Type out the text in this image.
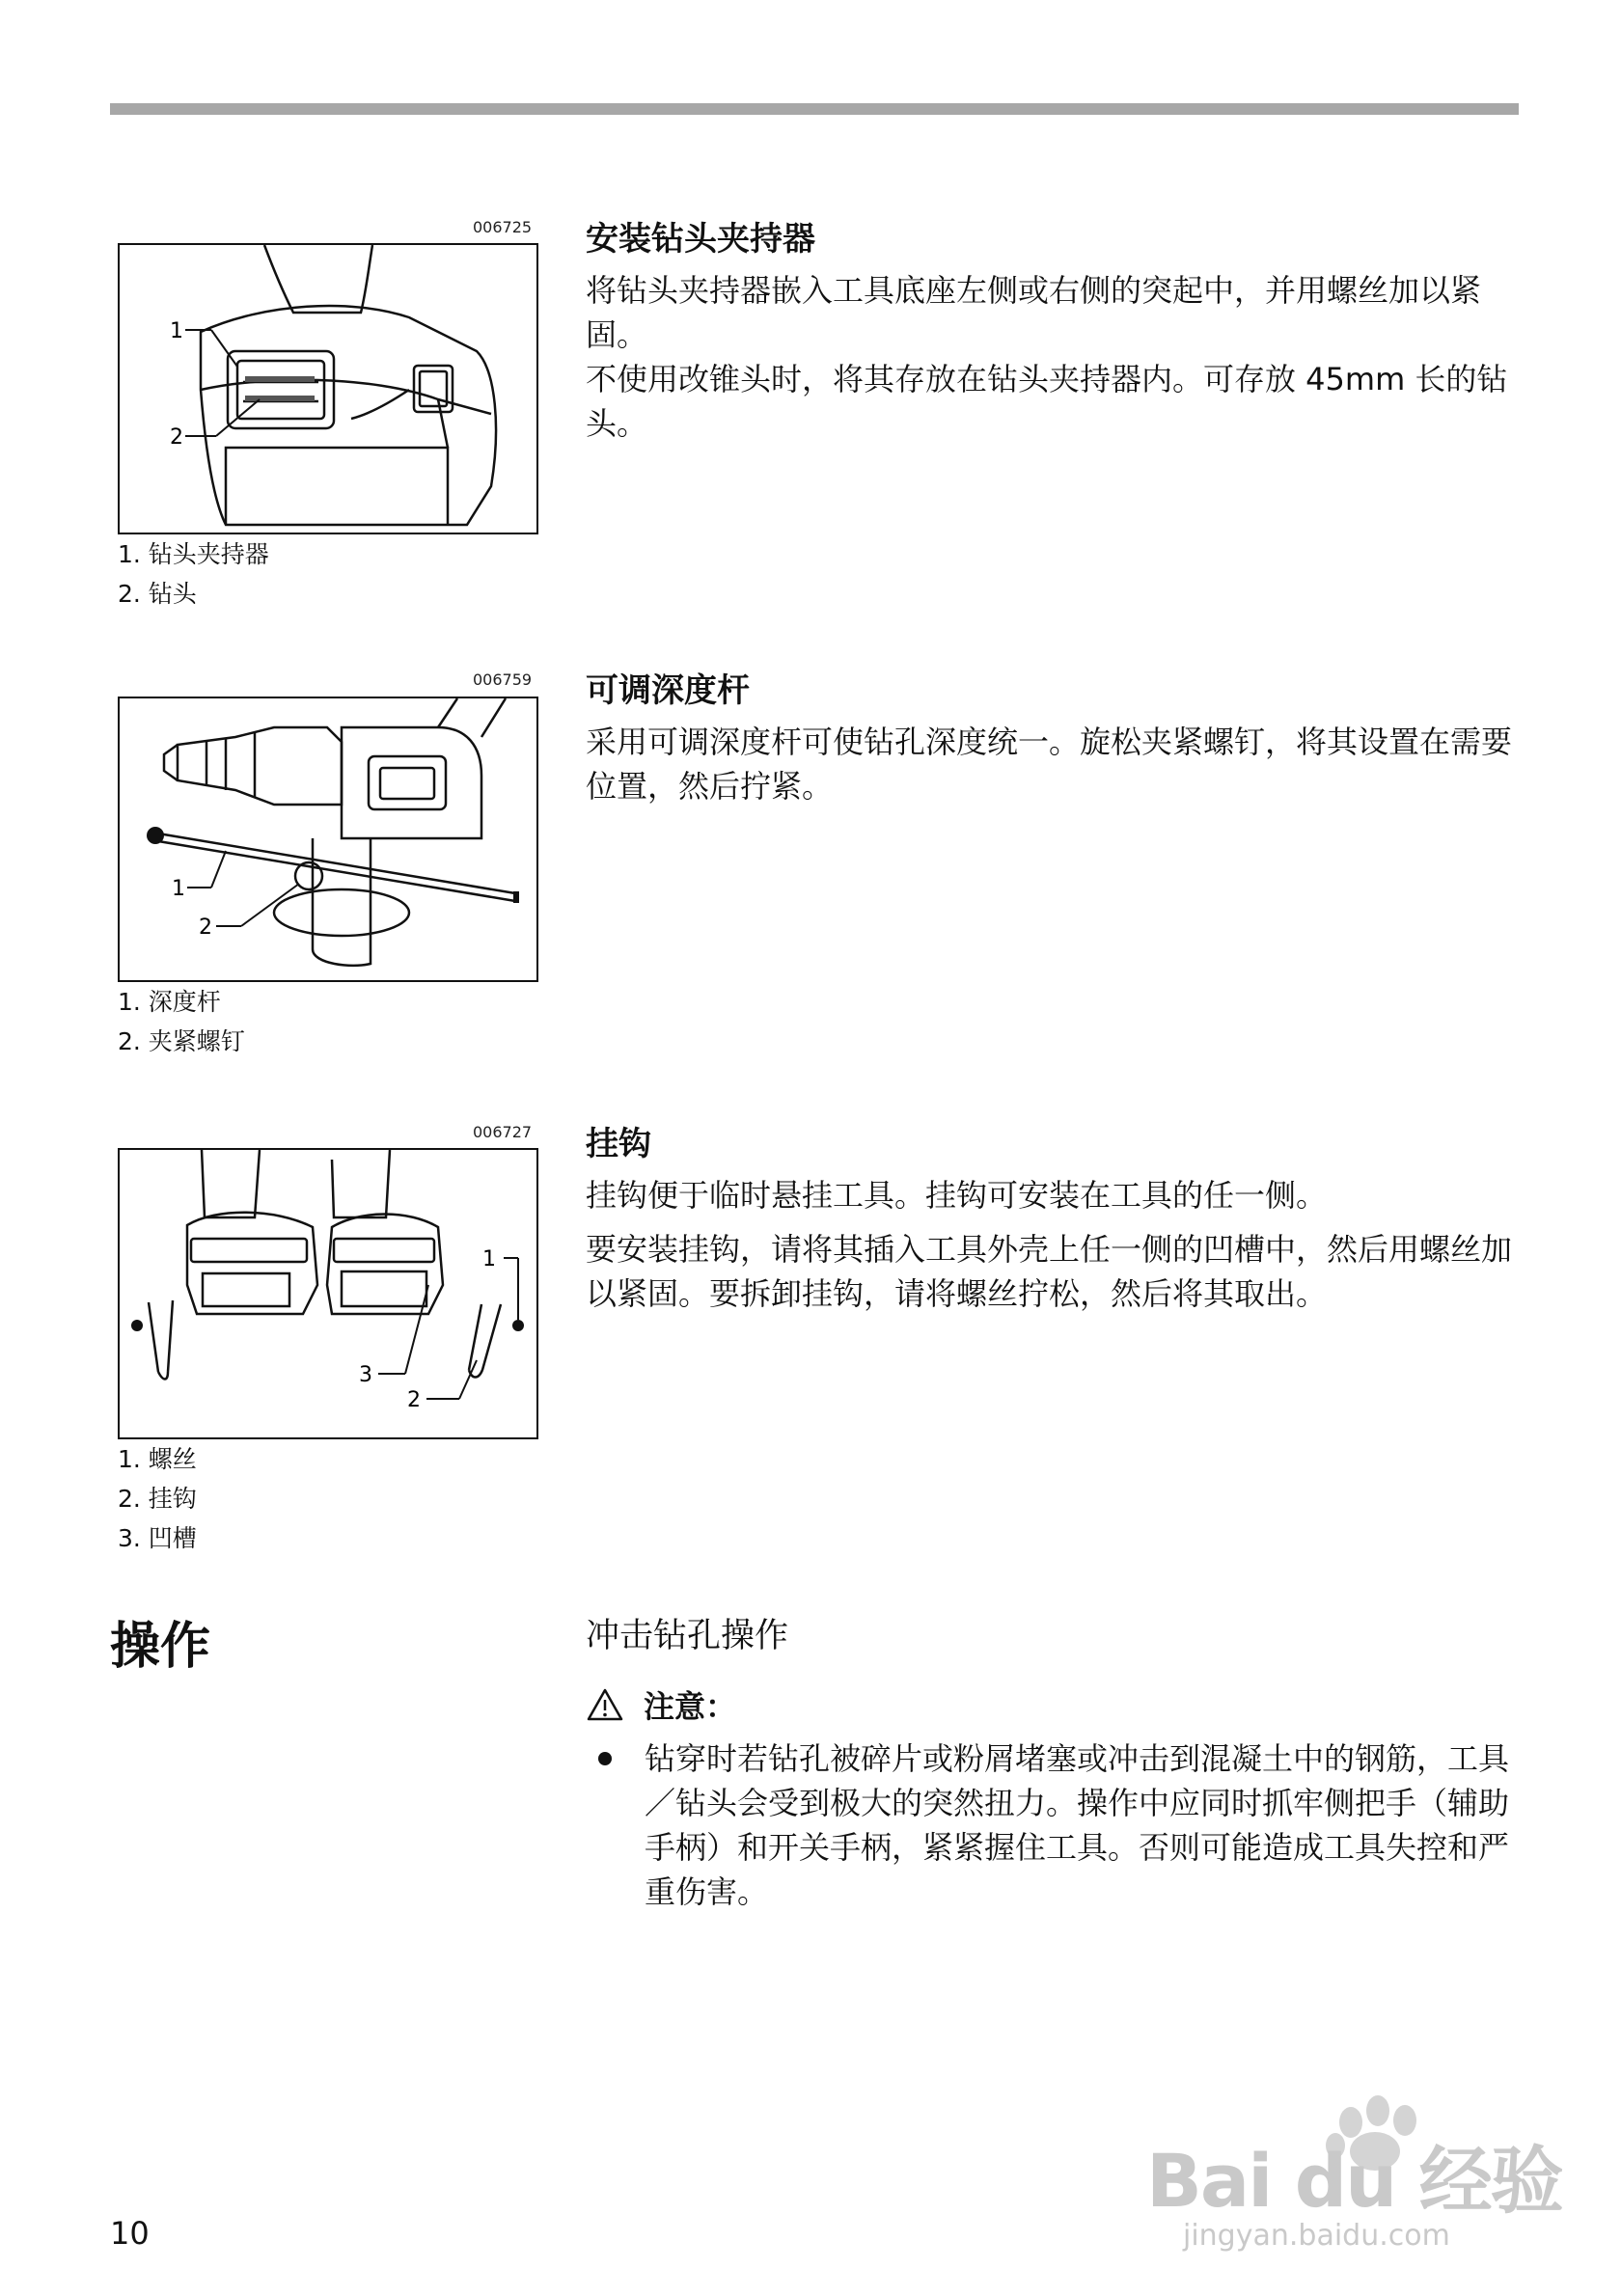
006725
1
2
1. 钻头夹持器
2. 钻头
安装钻头夹持器

将钻头夹持器嵌入工具底座左侧或右侧的突起中，并用螺丝加以紧固。

不使用改锥头时，将其存放在钻头夹持器内。可存放 45mm 长的钻头。

006759
1
2
1. 深度杆
2. 夹紧螺钉
可调深度杆

采用可调深度杆可使钻孔深度统一。旋松夹紧螺钉，将其设置在需要位置，然后拧紧。

006727
1
2
3
1. 螺丝
2. 挂钩
3. 凹槽
挂钩

挂钩便于临时悬挂工具。挂钩可安装在工具的任一侧。

要安装挂钩，请将其插入工具外壳上任一侧的凹槽中，然后用螺丝加以紧固。要拆卸挂钩，请将螺丝拧松，然后将其取出。

操作	冲击钻孔操作
注意：

钻穿时若钻孔被碎片或粉屑堵塞或冲击到混凝土中的钢筋，工具／钻头会受到极大的突然扭力。操作中应同时抓牢侧把手（辅助手柄）和开关手柄，紧紧握住工具。否则可能造成工具失控和严重伤害。

10
Bai du 经验
jingyan.baidu.com
